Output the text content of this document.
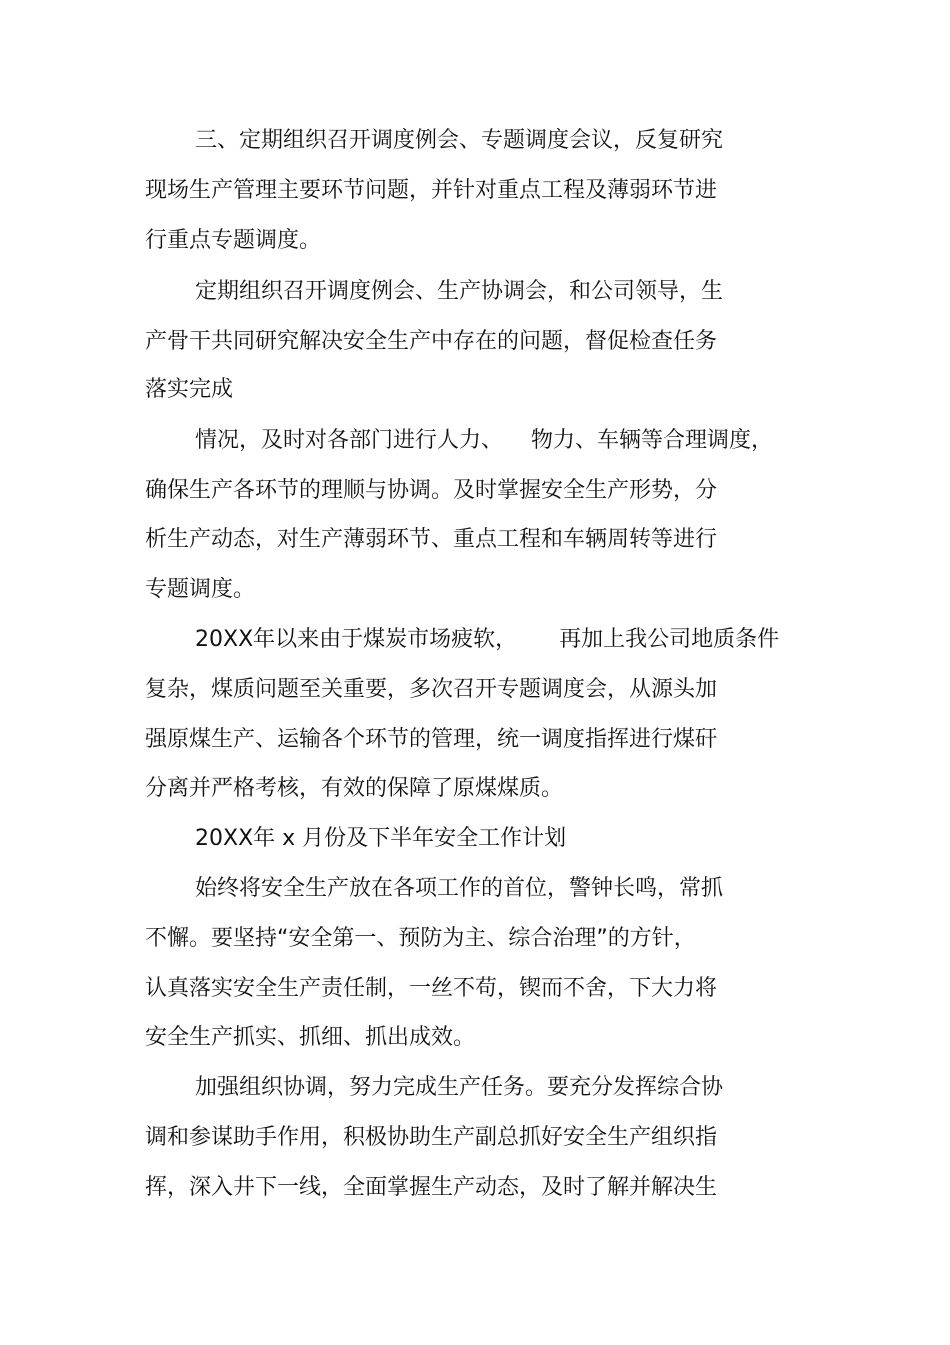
三、定期组织召开调度例会、专题调度会议，反复研究
现场生产管理主要环节问题，并针对重点工程及薄弱环节进
行重点专题调度。
定期组织召开调度例会、生产协调会，和公司领导，生
产骨干共同研究解决安全生产中存在的问题，督促检查任务
落实完成
情况，及时对各部门进行人力、    物力、车辆等合理调度，
确保生产各环节的理顺与协调。及时掌握安全生产形势，分
析生产动态，对生产薄弱环节、重点工程和车辆周转等进行
专题调度。
20XX年以来由于煤炭市场疲软，      再加上我公司地质条件
复杂，煤质问题至关重要，多次召开专题调度会，从源头加
强原煤生产、运输各个环节的管理，统一调度指挥进行煤矸
分离并严格考核，有效的保障了原煤煤质。
20XX年 x 月份及下半年安全工作计划
始终将安全生产放在各项工作的首位，警钟长鸣，常抓
不懈。要坚持“安全第一、预防为主、综合治理”的方针，
认真落实安全生产责任制，一丝不苟，锲而不舍，下大力将
安全生产抓实、抓细、抓出成效。
加强组织协调，努力完成生产任务。要充分发挥综合协
调和参谋助手作用，积极协助生产副总抓好安全生产组织指
挥，深入井下一线，全面掌握生产动态，及时了解并解决生
